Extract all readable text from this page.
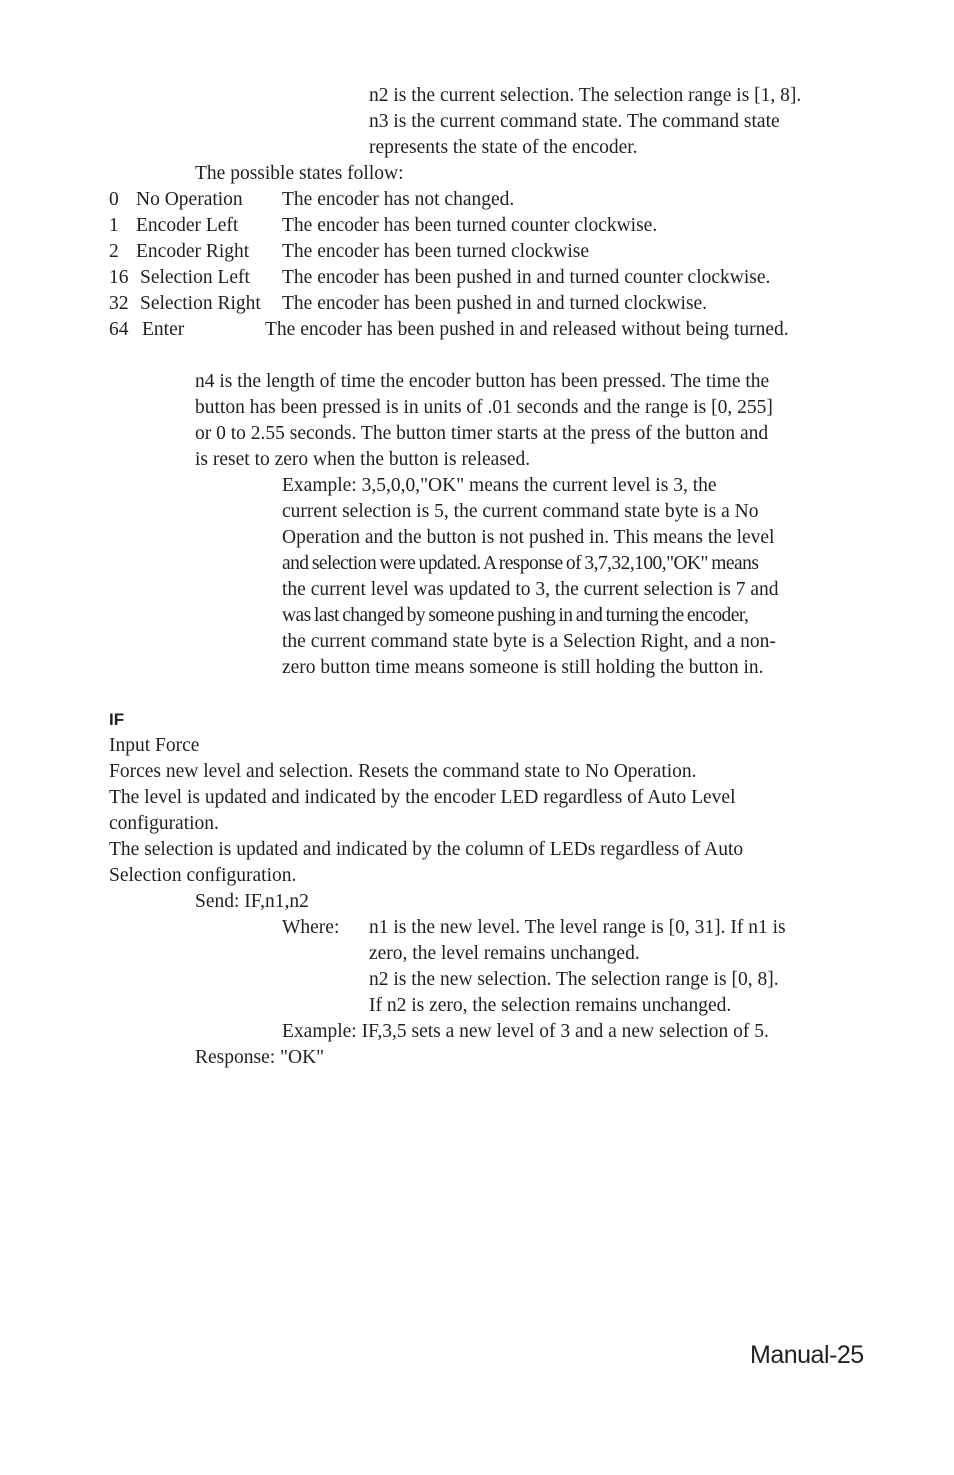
n2 is the current selection. The selection range is [1, 8].
n3 is the current command state. The command state
represents the state of the encoder.
The possible states follow:
0 No Operation The encoder has not changed.
1 Encoder Left The encoder has been turned counter clockwise.
2 Encoder Right The encoder has been turned clockwise
16 Selection Left The encoder has been pushed in and turned counter clockwise.
32 Selection Right The encoder has been pushed in and turned clockwise.
64 Enter	The encoder has been pushed in and released without being turned.
n4 is the length of time the encoder button has been pressed. The time the
button has been pressed is in units of .01 seconds and the range is [0, 255]
or 0 to 2.55 seconds. The button timer starts at the press of the button and
is reset to zero when the button is released.
Example: 3,5,0,0,"OK" means the current level is 3, the
current selection is 5, the current command state byte is a No
Operation and the button is not pushed in. This means the level
and selection were updated. A response of 3,7,32,100,"OK" means
the current level was updated to 3, the current selection is 7 and
was last changed by someone pushing in and turning the encoder,
the current command state byte is a Selection Right, and a non-
zero button time means someone is still holding the button in.
IF
Input Force
Forces new level and selection. Resets the command state to No Operation.
The level is updated and indicated by the encoder LED regardless of Auto Level
configuration.
The selection is updated and indicated by the column of LEDs regardless of Auto
Selection configuration.
Send: IF,n1,n2
Where: n1 is the new level. The level range is [0, 31]. If n1 is
zero, the level remains unchanged.
n2 is the new selection. The selection range is [0, 8].
If n2 is zero, the selection remains unchanged.
Example: IF,3,5 sets a new level of 3 and a new selection of 5.
Response: "OK"
Manual-25
